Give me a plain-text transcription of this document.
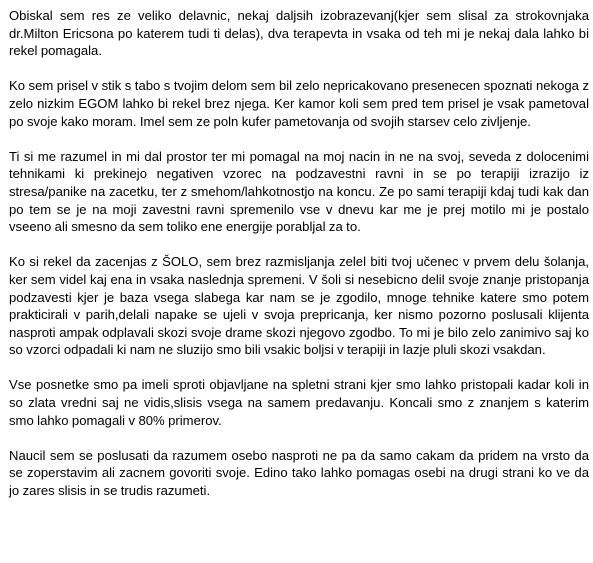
Obiskal sem res ze veliko delavnic, nekaj daljsih izobrazevanj(kjer sem slisal za strokovnjaka dr.Milton Ericsona po katerem tudi ti delas), dva terapevta in vsaka od teh mi je nekaj dala lahko bi rekel pomagala.

Ko sem prisel v stik s tabo s tvojim delom sem bil zelo nepricakovano presenecen spoznati nekoga z zelo nizkim EGOM lahko bi rekel brez njega. Ker kamor koli sem pred tem prisel je vsak pametoval po svoje kako moram. Imel sem ze poln kufer pametovanja od svojih starsev celo zivljenje.

Ti si me razumel in mi dal prostor ter mi pomagal na moj nacin in ne na svoj, seveda z dolocenimi tehnikami ki prekinejo negativen vzorec na podzavestni ravni in se po terapiji izrazijo iz stresa/panike na zacetku, ter z smehom/lahkotnostjo na koncu. Ze po sami terapiji kdaj tudi kak dan po tem se je na moji zavestni ravni spremenilo vse v dnevu kar me je prej motilo mi je postalo vseeno ali smesno da sem toliko ene energije porabljal za to.

Ko si rekel da zacenjas z ŠOLO, sem brez razmisljanja zelel biti tvoj učenec v prvem delu šolanja, ker sem videl kaj ena in vsaka naslednja spremeni. V šoli si nesebicno delil svoje znanje pristopanja podzavesti kjer je baza vsega slabega kar nam se je zgodilo, mnoge tehnike katere smo potem prakticirali v parih,delali napake se ujeli v svoja prepricanja, ker nismo pozorno poslusali klijenta nasproti ampak odplavali skozi svoje drame skozi njegovo zgodbo. To mi je bilo zelo zanimivo saj ko so vzorci odpadali ki nam ne sluzijo smo bili vsakic boljsi v terapiji in lazje pluli skozi vsakdan.

Vse posnetke smo pa imeli sproti objavljane na spletni strani kjer smo lahko pristopali kadar koli in so zlata vredni saj ne vidis,slisis vsega na samem predavanju. Koncali smo z znanjem s katerim smo lahko pomagali v 80% primerov.

Naucil sem se poslusati da razumem osebo nasproti ne pa da samo cakam da pridem na vrsto da se zoperstavim ali zacnem govoriti svoje. Edino tako lahko pomagas osebi na drugi strani ko ve da jo zares slisis in se trudis razumeti.
